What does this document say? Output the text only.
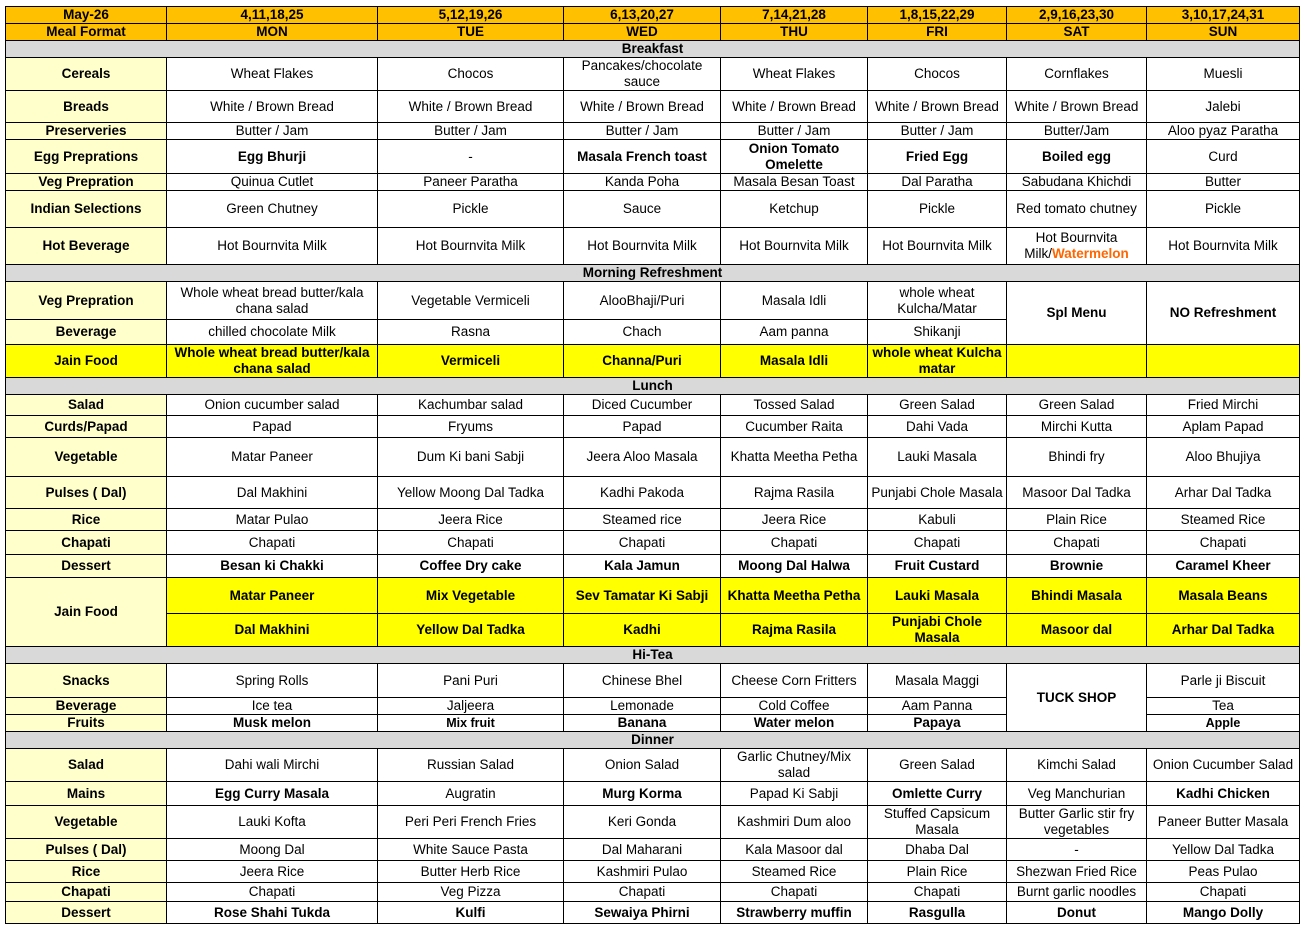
May-26	4,11,18,25	5,12,19,26	6,13,20,27	7,14,21,28	1,8,15,22,29	2,9,16,23,30	3,10,17,24,31
Meal Format	MON	TUE	WED	THU	FRI	SAT	SUN
Breakfast							
Cereals	Wheat Flakes	Chocos	Pancakes/chocolate sauce	Wheat Flakes	Chocos	Cornflakes	Muesli
Breads	White / Brown Bread	White / Brown Bread	White / Brown Bread	White / Brown Bread	White / Brown Bread	White / Brown Bread	Jalebi
Preserveries	Butter / Jam	Butter / Jam	Butter / Jam	Butter / Jam	Butter / Jam	Butter/Jam	Aloo pyaz Paratha
Egg Preprations	Egg Bhurji	-	Masala French toast	Onion Tomato Omelette	Fried Egg	Boiled egg	Curd
Veg Prepration	Quinua Cutlet	Paneer Paratha	Kanda Poha	Masala Besan Toast	Dal Paratha	Sabudana Khichdi	Butter
Indian Selections	Green Chutney	Pickle	Sauce	Ketchup	Pickle	Red tomato chutney	Pickle
Hot Beverage	Hot Bournvita Milk	Hot Bournvita Milk	Hot Bournvita Milk	Hot Bournvita Milk	Hot Bournvita Milk	Hot Bournvita Milk/Watermelon	Hot Bournvita Milk
Morning Refreshment							
Veg Prepration	Whole wheat bread butter/kala chana salad	Vegetable Vermiceli	AlooBhaji/Puri	Masala Idli	whole wheat Kulcha/Matar	Spl Menu	NO Refreshment
Beverage	chilled chocolate Milk	Rasna	Chach	Aam panna	Shikanji		
Jain Food	Whole wheat bread butter/kala chana salad	Vermiceli	Channa/Puri	Masala Idli	whole wheat Kulcha matar		
Lunch							
Salad	Onion cucumber salad	Kachumbar salad	Diced Cucumber	Tossed Salad	Green Salad	Green Salad	Fried Mirchi
Curds/Papad	Papad	Fryums	Papad	Cucumber Raita	Dahi Vada	Mirchi Kutta	Aplam Papad
Vegetable	Matar Paneer	Dum Ki bani Sabji	Jeera Aloo Masala	Khatta Meetha Petha	Lauki Masala	Bhindi fry	Aloo Bhujiya
Pulses ( Dal)	Dal Makhini	Yellow Moong Dal Tadka	Kadhi Pakoda	Rajma Rasila	Punjabi Chole Masala	Masoor Dal Tadka	Arhar Dal Tadka
Rice	Matar Pulao	Jeera Rice	Steamed rice	Jeera Rice	Kabuli	Plain Rice	Steamed Rice
Chapati	Chapati	Chapati	Chapati	Chapati	Chapati	Chapati	Chapati
Dessert	Besan ki Chakki	Coffee Dry cake	Kala Jamun	Moong Dal Halwa	Fruit Custard	Brownie	Caramel Kheer
Jain Food	Matar Paneer	Mix Vegetable	Sev Tamatar Ki Sabji	Khatta Meetha Petha	Lauki Masala	Bhindi Masala	Masala Beans
	Dal Makhini	Yellow Dal Tadka	Kadhi	Rajma Rasila	Punjabi Chole Masala	Masoor dal	Arhar Dal Tadka
Hi-Tea							
Snacks	Spring Rolls	Pani Puri	Chinese Bhel	Cheese Corn Fritters	Masala Maggi	TUCK SHOP	Parle ji Biscuit
Beverage	Ice tea	Jaljeera	Lemonade	Cold Coffee	Aam Panna		Tea
Fruits	Musk melon	Mix fruit	Banana	Water melon	Papaya		Apple
Dinner							
Salad	Dahi wali Mirchi	Russian Salad	Onion Salad	Garlic Chutney/Mix salad	Green Salad	Kimchi Salad	Onion Cucumber Salad
Mains	Egg Curry Masala	Augratin	Murg Korma	Papad Ki Sabji	Omlette Curry	Veg Manchurian	Kadhi Chicken
Vegetable	Lauki Kofta	Peri Peri French Fries	Keri Gonda	Kashmiri Dum aloo	Stuffed Capsicum Masala	Butter Garlic stir fry vegetables	Paneer Butter Masala
Pulses ( Dal)	Moong Dal	White Sauce Pasta	Dal Maharani	Kala Masoor dal	Dhaba Dal	-	Yellow Dal Tadka
Rice	Jeera Rice	Butter Herb Rice	Kashmiri Pulao	Steamed Rice	Plain Rice	Shezwan Fried Rice	Peas Pulao
Chapati	Chapati	Veg Pizza	Chapati	Chapati	Chapati	Burnt garlic noodles	Chapati
Dessert	Rose Shahi Tukda	Kulfi	Sewaiya Phirni	Strawberry muffin	Rasgulla	Donut	Mango Dolly
